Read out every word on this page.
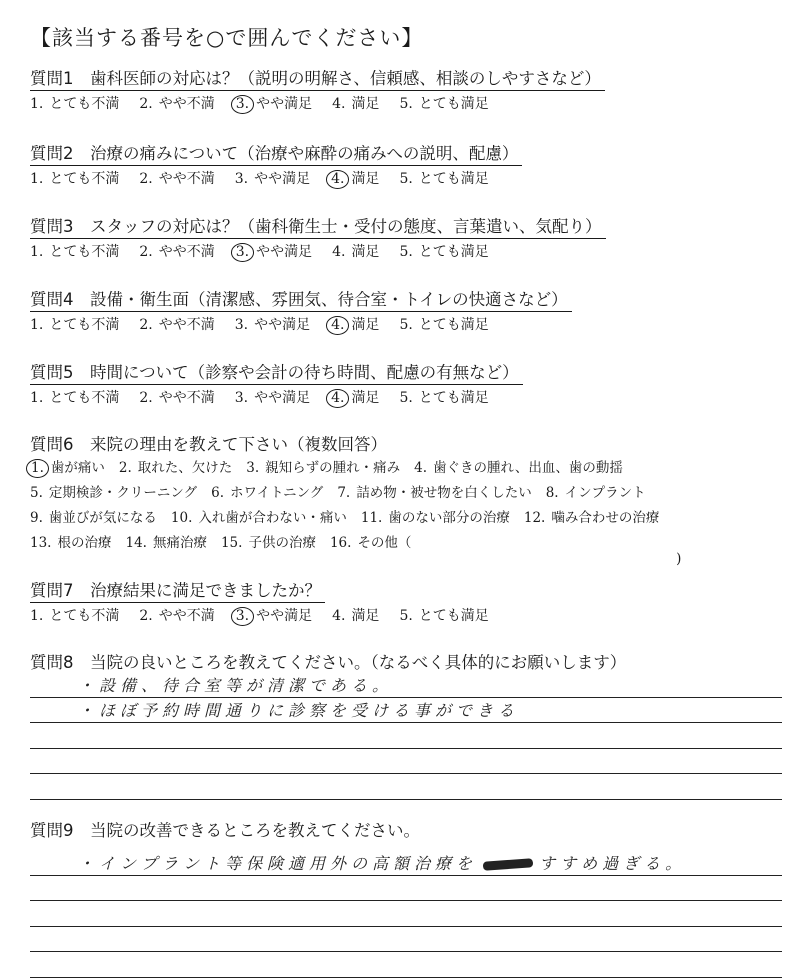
【該当する番号を○で囲んでください】
質問1　歯科医師の対応は？（説明の明解さ、信頼感、相談のしやすさなど）
1. とても不満 2. やや不満 3. やや満足 4. 満足 5. とても満足
質問2　治療の痛みについて（治療や麻酔の痛みへの説明、配慮）
1. とても不満 2. やや不満 3. やや満足 4. 満足 5. とても満足
質問3　スタッフの対応は？（歯科衛生士・受付の態度、言葉遣い、気配り）
1. とても不満 2. やや不満 3. やや満足 4. 満足 5. とても満足
質問4　設備・衛生面（清潔感、雰囲気、待合室・トイレの快適さなど）
1. とても不満 2. やや不満 3. やや満足 4. 満足 5. とても満足
質問5　時間について（診察や会計の待ち時間、配慮の有無など）
1. とても不満 2. やや不満 3. やや満足 4. 満足 5. とても満足
質問6　来院の理由を教えて下さい（複数回答）
1. 歯が痛い 2. 取れた、欠けた 3. 親知らずの腫れ・痛み 4. 歯ぐきの腫れ、出血、歯の動揺
5. 定期検診・クリーニング 6. ホワイトニング 7. 詰め物・被せ物を白くしたい 8. インプラント
9. 歯並びが気になる 10. 入れ歯が合わない・痛い 11. 歯のない部分の治療 12. 噛み合わせの治療
13. 根の治療 14. 無痛治療 15. 子供の治療 16. その他（
)
質問7　治療結果に満足できましたか？
1. とても不満 2. やや不満 3. やや満足 4. 満足 5. とても満足
質問8　当院の良いところを教えてください。（なるべく具体的にお願いします）
・設備、待合室等が清潔である。
・ほぼ予約時間通りに診察を受ける事ができる
質問9　当院の改善できるところを教えてください。
・インプラント等保険適用外の高額治療を	すすめ過ぎる。
